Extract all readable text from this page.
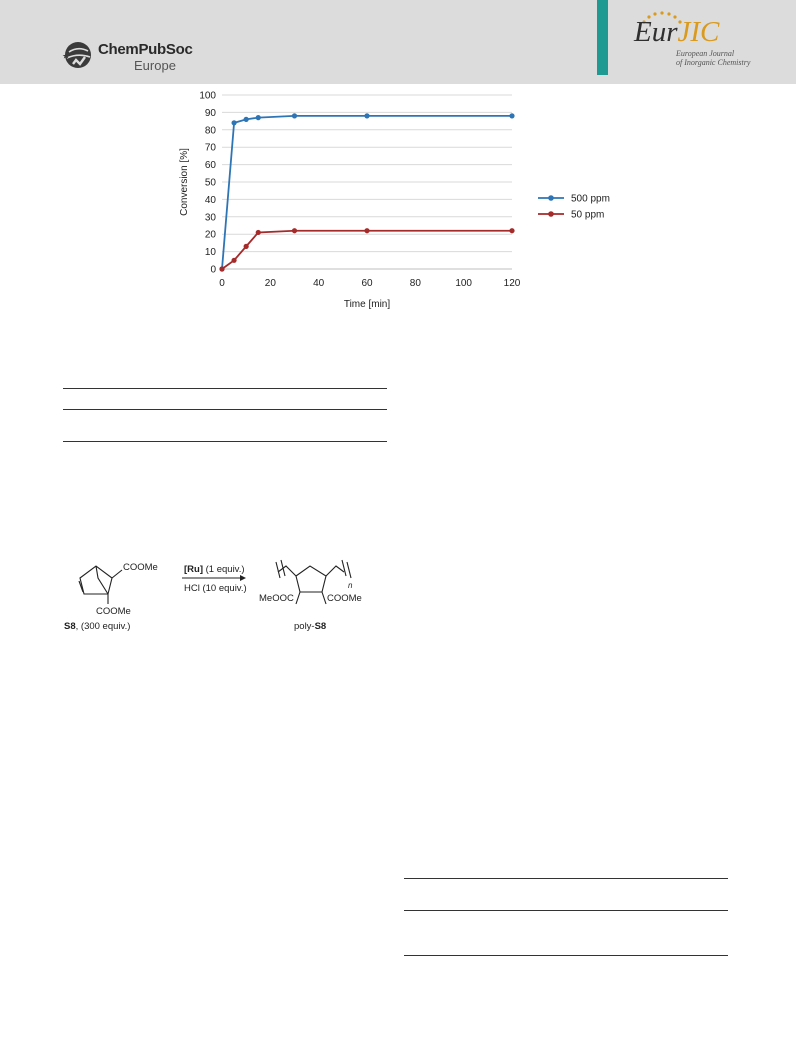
ChemPubSoc
Europe
EurJIC
European Journal
of Inorganic Chemistry
0
10
20
30
40
50
60
70
80
90
100
0	20	40	60	80	100	120
Time [min]
Conversion [%]	500 ppm
50 ppm
COOMe
COOMe
[Ru] (1 equiv.)
HCl (10 equiv.)	n
MeOOC	COOMe
S8, (300 equiv.)	poly-S8
